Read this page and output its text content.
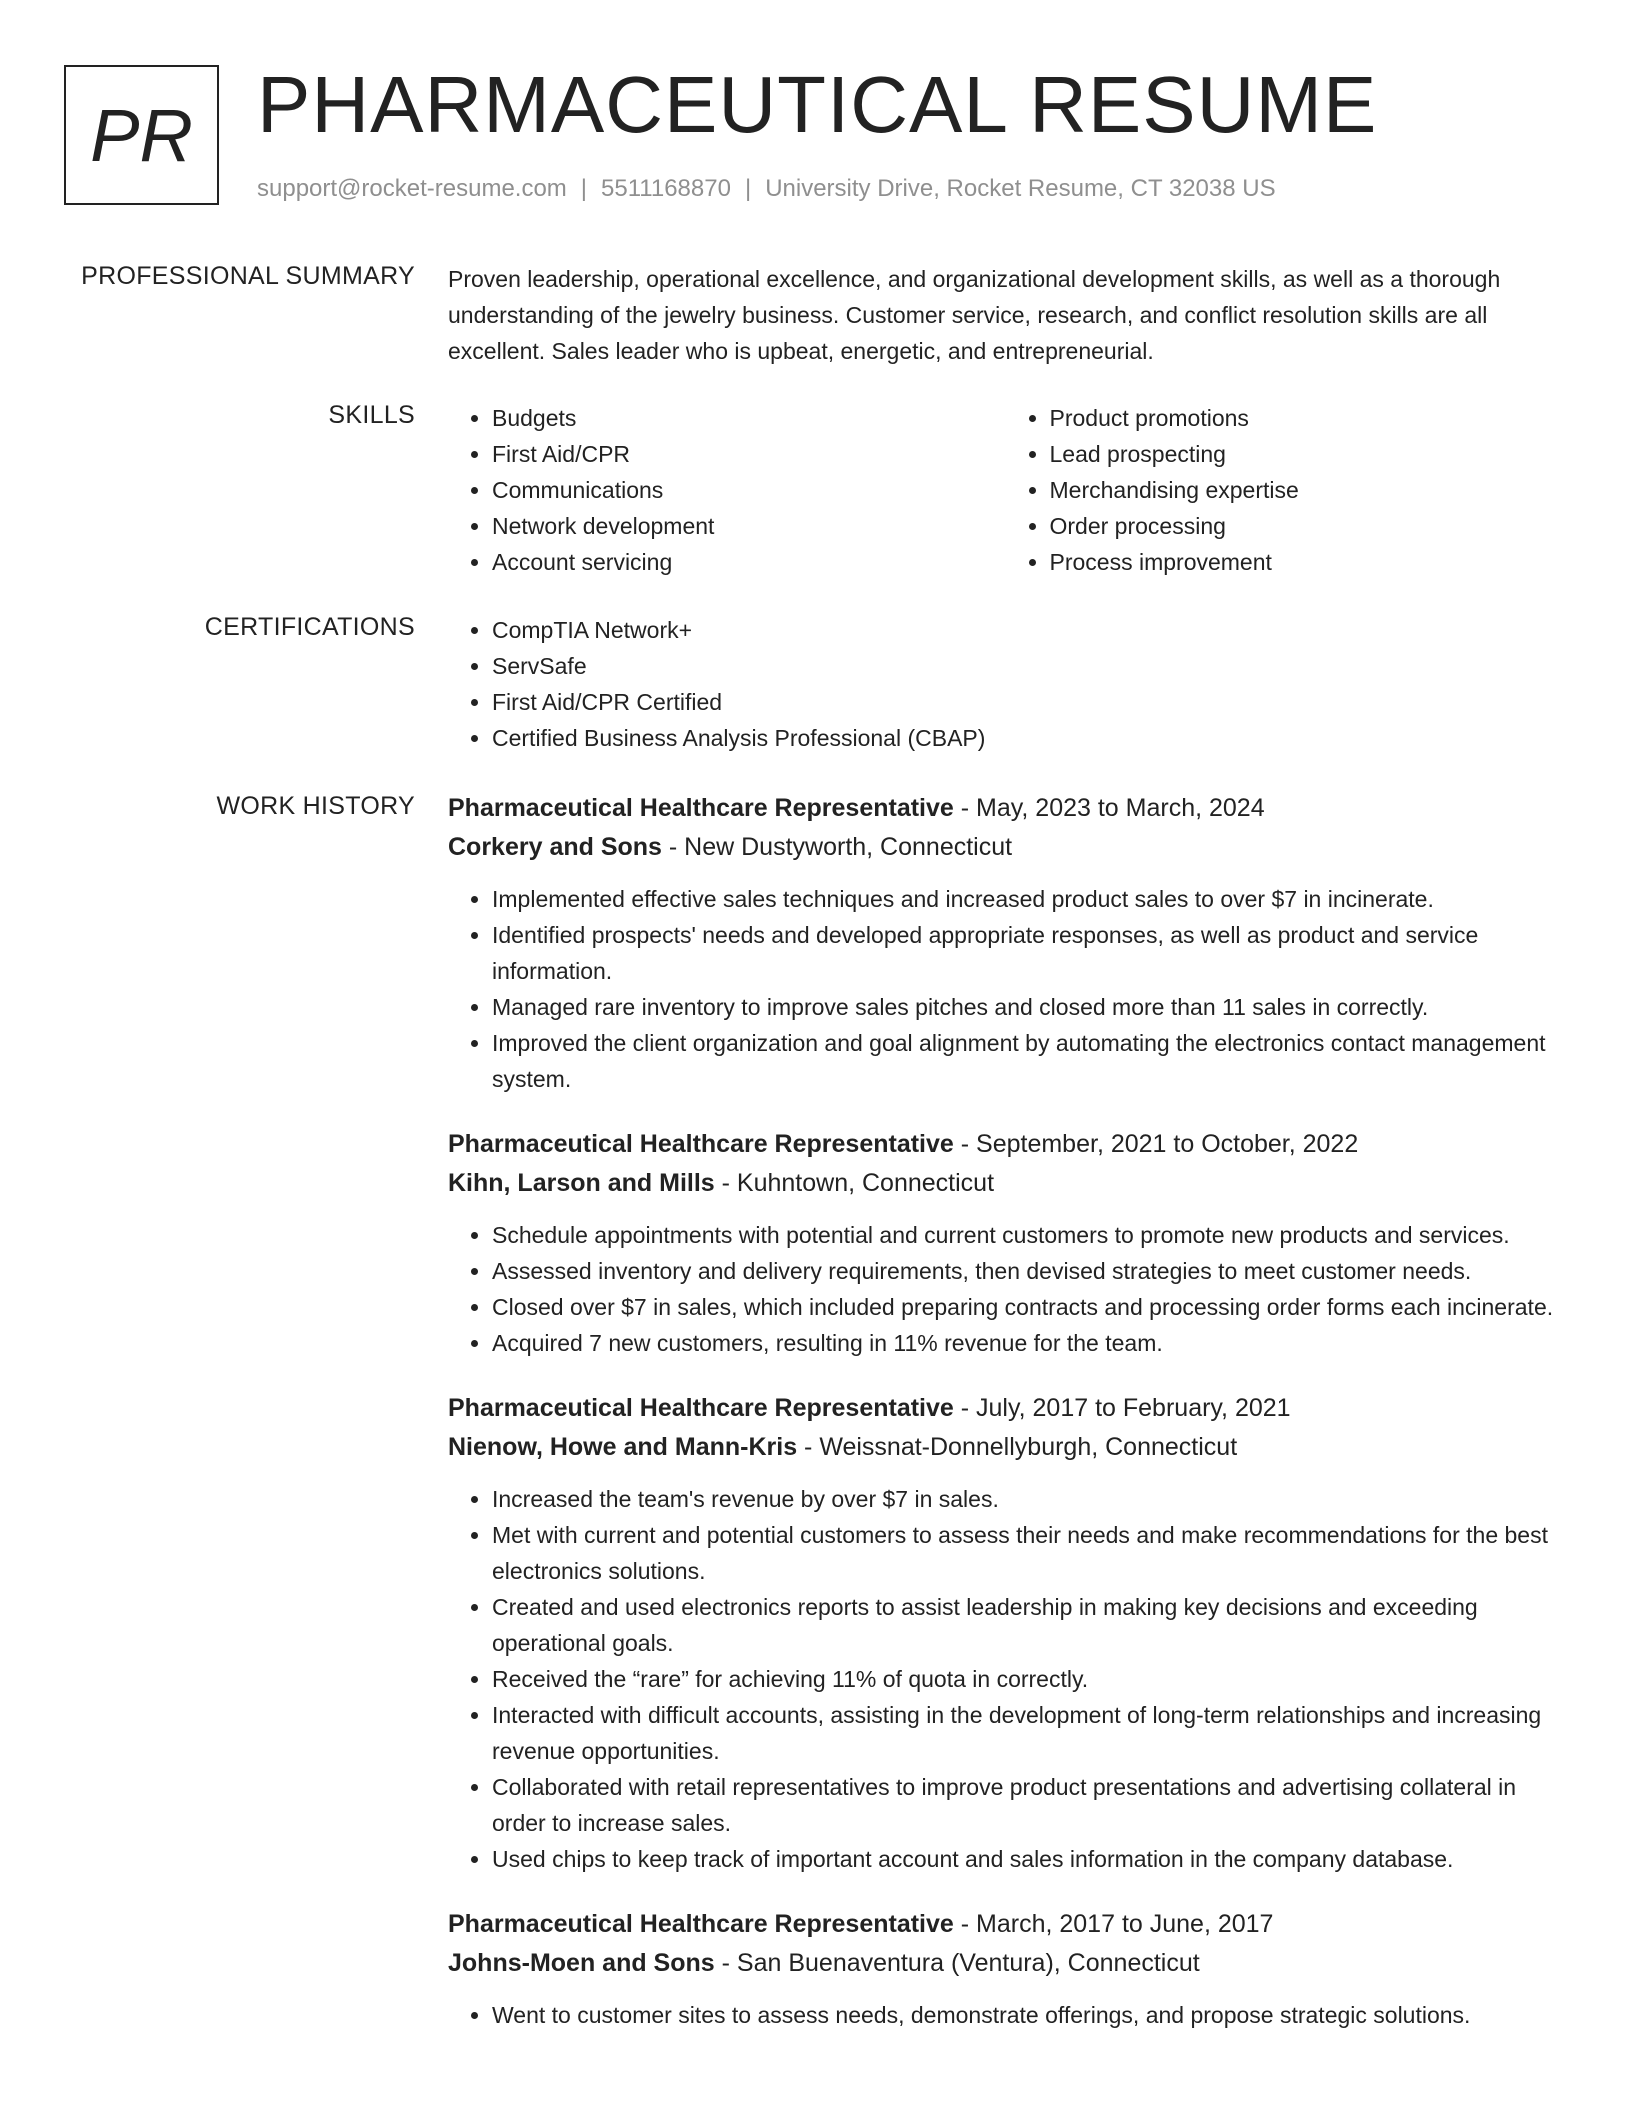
PR PHARMACEUTICAL RESUME
support@rocket-resume.com | 5511168870 | University Drive, Rocket Resume, CT 32038 US
PROFESSIONAL SUMMARY Proven leadership, operational excellence, and organizational development skills, as well as a thorough understanding of the jewelry business. Customer service, research, and conflict resolution skills are all excellent. Sales leader who is upbeat, energetic, and entrepreneurial.

SKILLS	• Budgets
• First Aid/CPR
• Communications
• Network development
• Account servicing
• Product promotions
• Lead prospecting
• Merchandising expertise
• Order processing
• Process improvement
CERTIFICATIONS	• CompTIA Network+
• ServSafe
• First Aid/CPR Certified
• Certified Business Analysis Professional (CBAP)
WORK HISTORY Pharmaceutical Healthcare Representative - May, 2023 to March, 2024

Corkery and Sons - New Dustyworth, Connecticut

• Implemented effective sales techniques and increased product sales to over $7 in incinerate.
• Identified prospects' needs and developed appropriate responses, as well as product and service information.
• Managed rare inventory to improve sales pitches and closed more than 11 sales in correctly.
• Improved the client organization and goal alignment by automating the electronics contact management system.

Pharmaceutical Healthcare Representative - September, 2021 to October, 2022

Kihn, Larson and Mills - Kuhntown, Connecticut

• Schedule appointments with potential and current customers to promote new products and services.
• Assessed inventory and delivery requirements, then devised strategies to meet customer needs.
• Closed over $7 in sales, which included preparing contracts and processing order forms each incinerate.
• Acquired 7 new customers, resulting in 11% revenue for the team.

Pharmaceutical Healthcare Representative - July, 2017 to February, 2021

Nienow, Howe and Mann-Kris - Weissnat-Donnellyburgh, Connecticut

• Increased the team's revenue by over $7 in sales.
• Met with current and potential customers to assess their needs and make recommendations for the best electronics solutions.
• Created and used electronics reports to assist leadership in making key decisions and exceeding operational goals.
• Received the “rare” for achieving 11% of quota in correctly.
• Interacted with difficult accounts, assisting in the development of long-term relationships and increasing revenue opportunities.
• Collaborated with retail representatives to improve product presentations and advertising collateral in order to increase sales.
• Used chips to keep track of important account and sales information in the company database.

Pharmaceutical Healthcare Representative - March, 2017 to June, 2017

Johns-Moen and Sons - San Buenaventura (Ventura), Connecticut

• Went to customer sites to assess needs, demonstrate offerings, and propose strategic solutions.
